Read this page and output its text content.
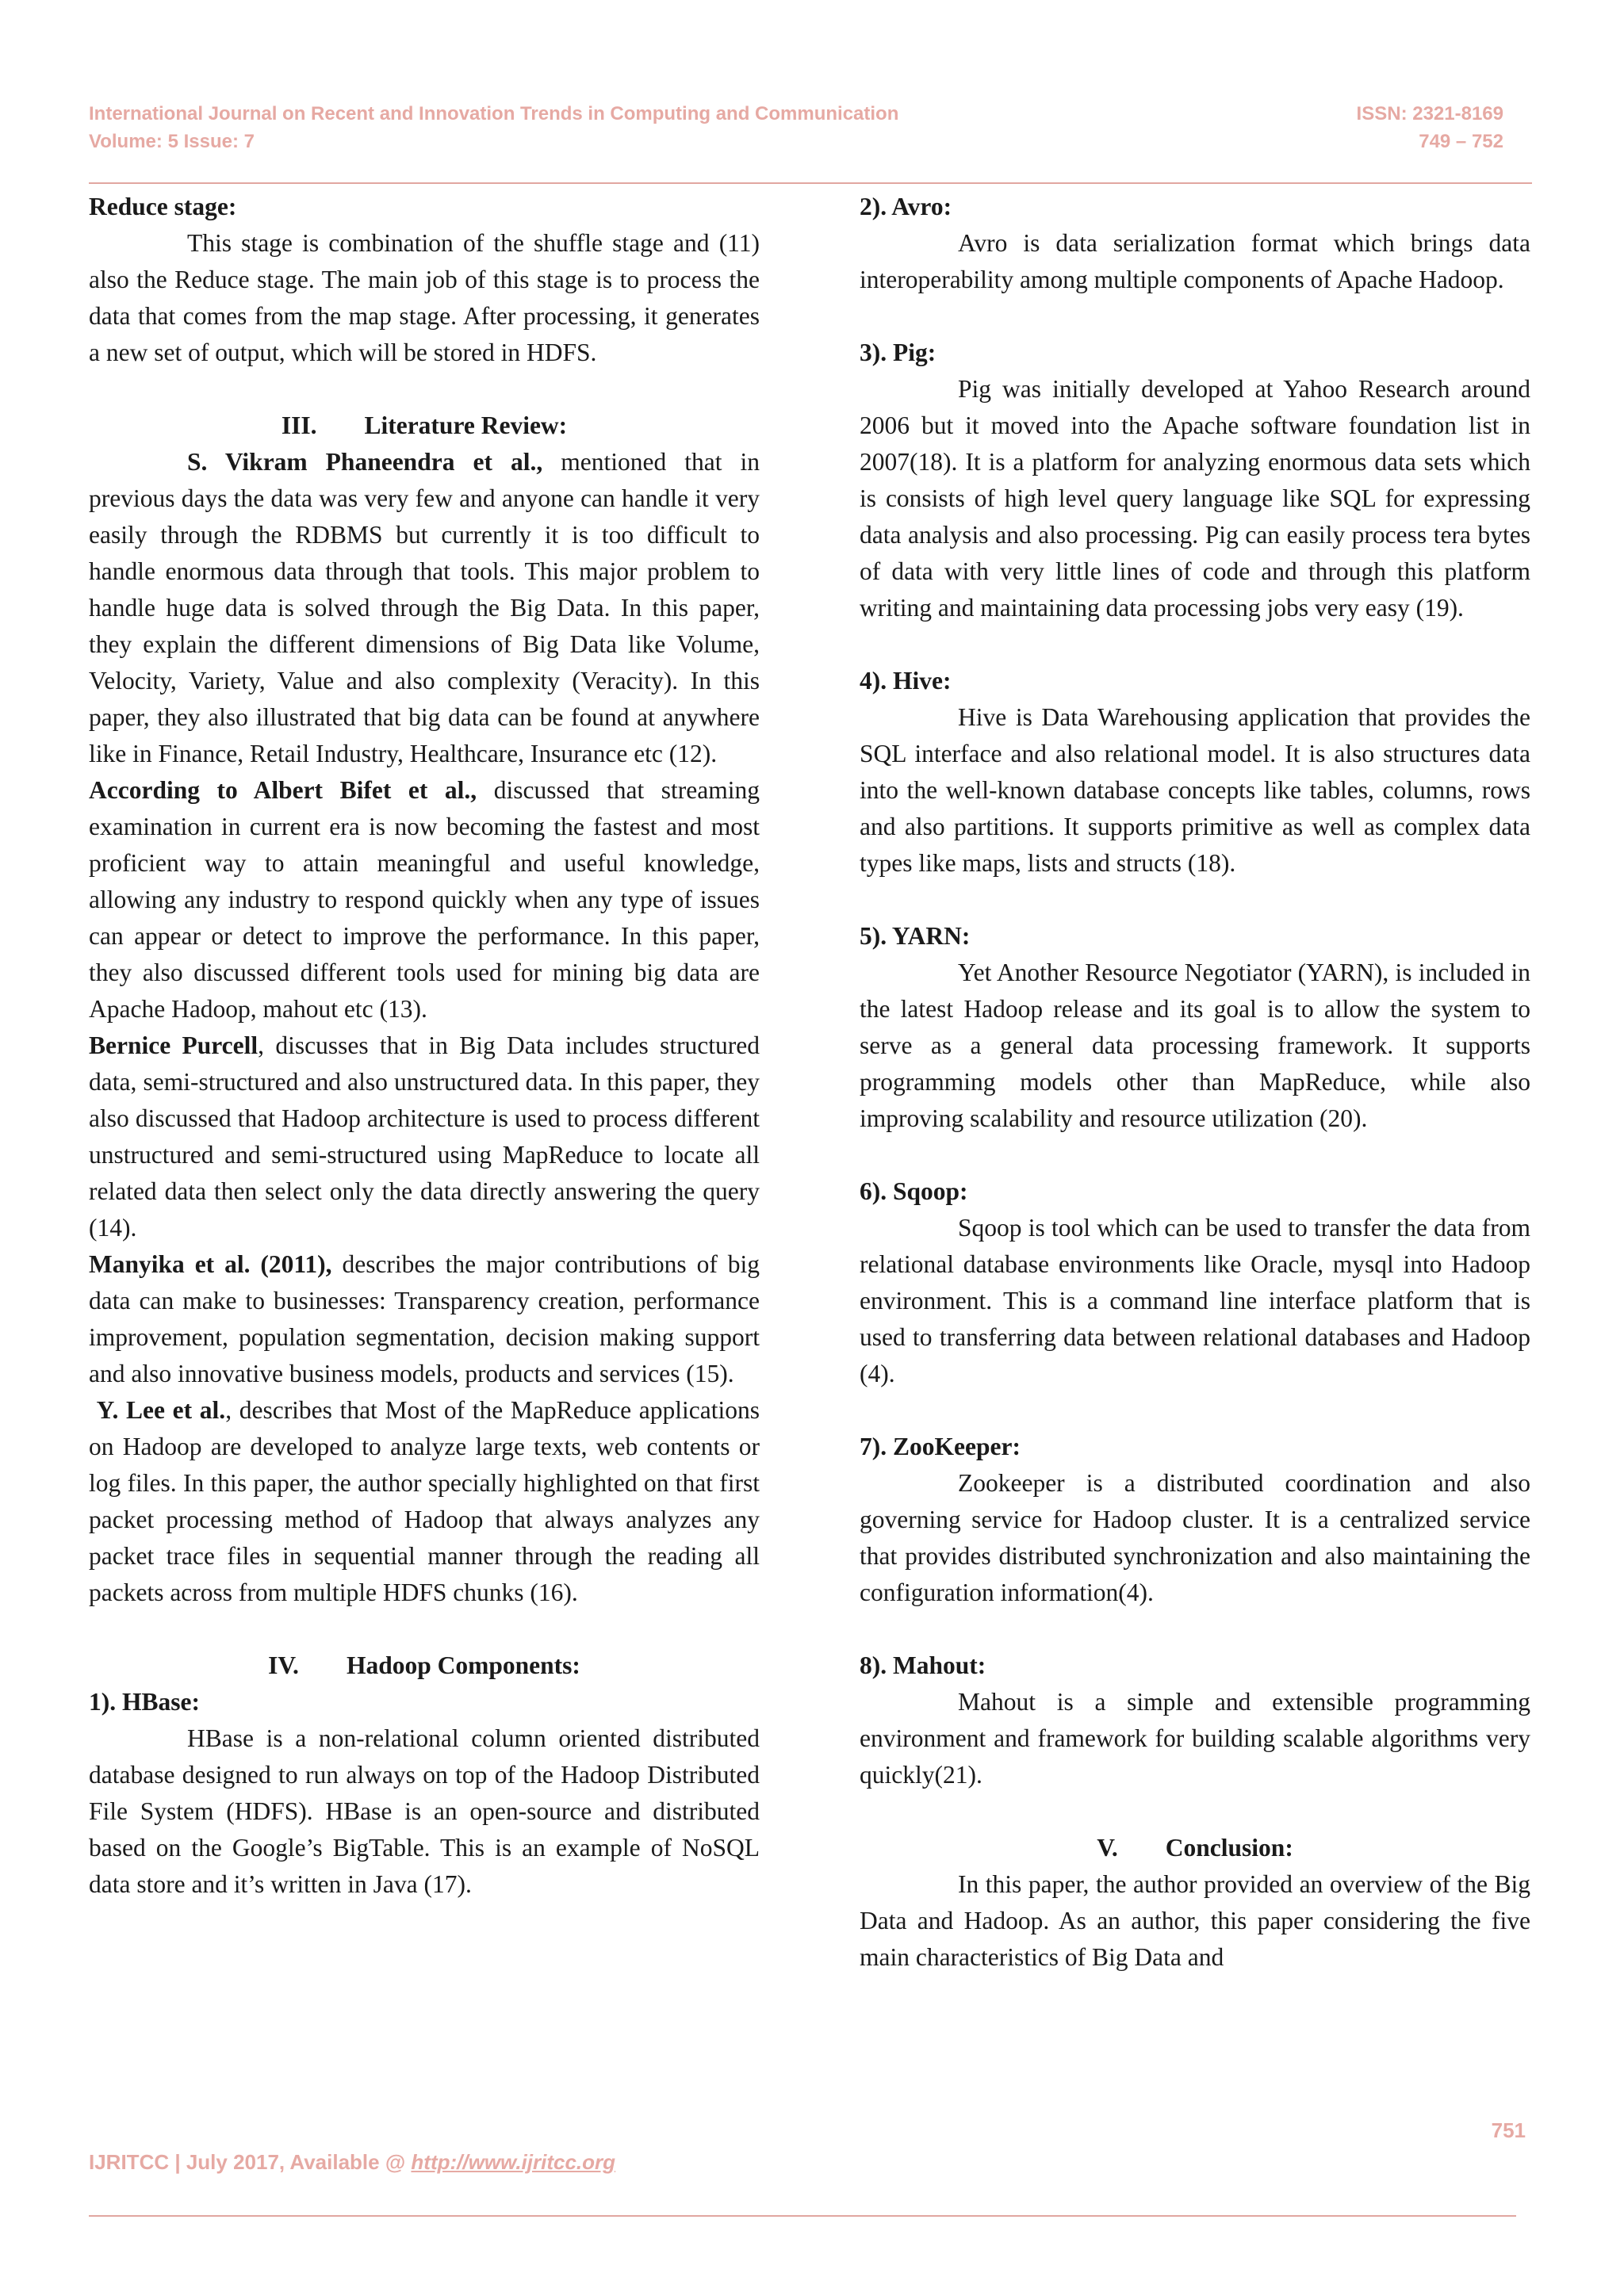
International Journal on Recent and Innovation Trends in Computing and Communication
Volume: 5 Issue: 7
ISSN: 2321-8169
749 – 752
Reduce stage:

This stage is combination of the shuffle stage and (11) also the Reduce stage. The main job of this stage is to process the data that comes from the map stage. After processing, it generates a new set of output, which will be stored in HDFS.

III. Literature Review:

S. Vikram Phaneendra et al., mentioned that in previous days the data was very few and anyone can handle it very easily through the RDBMS but currently it is too difficult to handle enormous data through that tools. This major problem to handle huge data is solved through the Big Data. In this paper, they explain the different dimensions of Big Data like Volume, Velocity, Variety, Value and also complexity (Veracity). In this paper, they also illustrated that big data can be found at anywhere like in Finance, Retail Industry, Healthcare, Insurance etc (12).

According to Albert Bifet et al., discussed that streaming examination in current era is now becoming the fastest and most proficient way to attain meaningful and useful knowledge, allowing any industry to respond quickly when any type of issues can appear or detect to improve the performance. In this paper, they also discussed different tools used for mining big data are Apache Hadoop, mahout etc (13).

Bernice Purcell, discusses that in Big Data includes structured data, semi-structured and also unstructured data. In this paper, they also discussed that Hadoop architecture is used to process different unstructured and semi-structured using MapReduce to locate all related data then select only the data directly answering the query (14).

Manyika et al. (2011), describes the major contributions of big data can make to businesses: Transparency creation, performance improvement, population segmentation, decision making support and also innovative business models, products and services (15).

Y. Lee et al., describes that Most of the MapReduce applications on Hadoop are developed to analyze large texts, web contents or log files. In this paper, the author specially highlighted on that first packet processing method of Hadoop that always analyzes any packet trace files in sequential manner through the reading all packets across from multiple HDFS chunks (16).

IV. Hadoop Components:
1). HBase:

HBase is a non-relational column oriented distributed database designed to run always on top of the Hadoop Distributed File System (HDFS). HBase is an open-source and distributed based on the Google’s BigTable. This is an example of NoSQL data store and it’s written in Java (17).

2). Avro:

Avro is data serialization format which brings data interoperability among multiple components of Apache Hadoop.

3). Pig:

Pig was initially developed at Yahoo Research around 2006 but it moved into the Apache software foundation list in 2007(18). It is a platform for analyzing enormous data sets which is consists of high level query language like SQL for expressing data analysis and also processing. Pig can easily process tera bytes of data with very little lines of code and through this platform writing and maintaining data processing jobs very easy (19).

4). Hive:

Hive is Data Warehousing application that provides the SQL interface and also relational model. It is also structures data into the well-known database concepts like tables, columns, rows and also partitions. It supports primitive as well as complex data types like maps, lists and structs (18).

5). YARN:

Yet Another Resource Negotiator (YARN), is included in the latest Hadoop release and its goal is to allow the system to serve as a general data processing framework. It supports programming models other than MapReduce, while also improving scalability and resource utilization (20).

6). Sqoop:

Sqoop is tool which can be used to transfer the data from relational database environments like Oracle, mysql into Hadoop environment. This is a command line interface platform that is used to transferring data between relational databases and Hadoop (4).

7). ZooKeeper:

Zookeeper is a distributed coordination and also governing service for Hadoop cluster. It is a centralized service that provides distributed synchronization and also maintaining the configuration information(4).

8). Mahout:

Mahout is a simple and extensible programming environment and framework for building scalable algorithms very quickly(21).

V. Conclusion:

In this paper, the author provided an overview of the Big Data and Hadoop. As an author, this paper considering the five main characteristics of Big Data and

751
IJRITCC | July 2017, Available @ http://www.ijritcc.org
